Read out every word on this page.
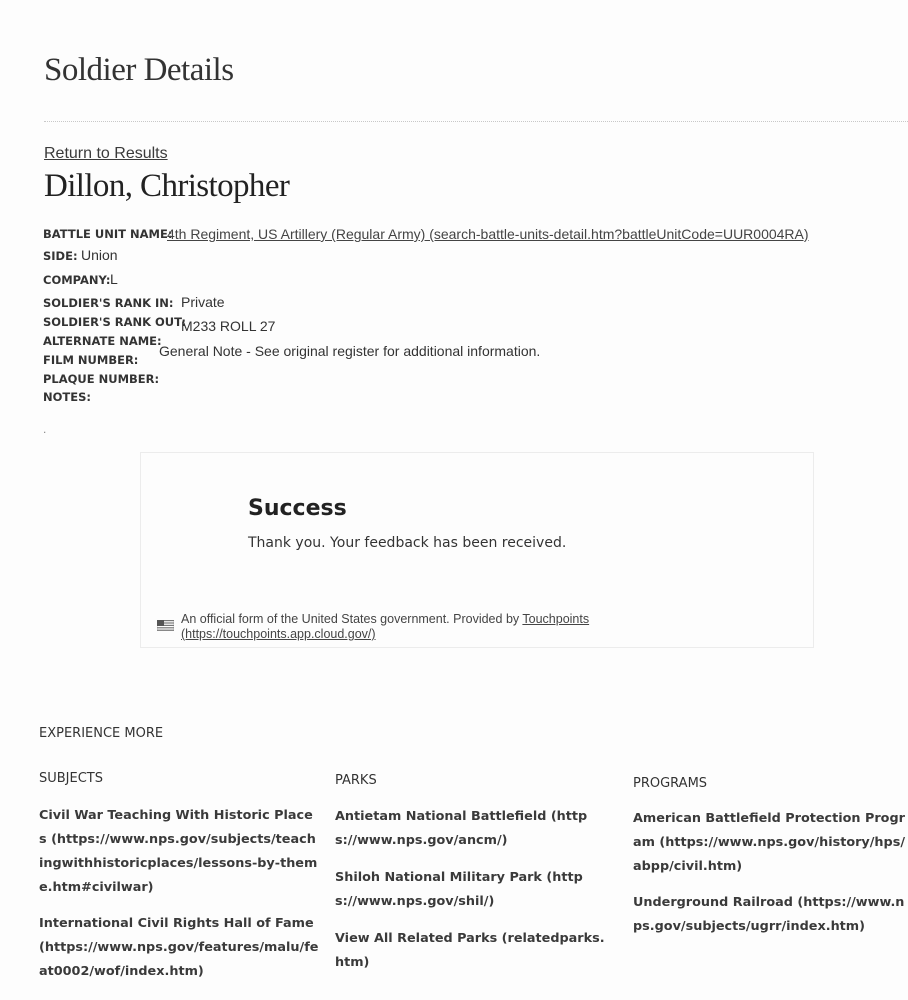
Soldier Details
Return to Results
Dillon, Christopher
BATTLE UNIT NAME:
4th Regiment, US Artillery (Regular Army) (search-battle-units-detail.htm?battleUnitCode=UUR0004RA)
SIDE: Union
COMPANY: L
SOLDIER'S RANK IN: Private
SOLDIER'S RANK OUT:
M233 ROLL 27
ALTERNATE NAME:
General Note - See original register for additional information.
FILM NUMBER:
PLAQUE NUMBER:
NOTES:
.
Success
Thank you. Your feedback has been received.
An official form of the United States government. Provided by Touchpoints (https://touchpoints.app.cloud.gov/)
EXPERIENCE MORE
SUBJECTS
Civil War Teaching With Historic Places (https://www.nps.gov/subjects/teachingwithhistoricplaces/lessons-by-theme.htm#civilwar)
International Civil Rights Hall of Fame (https://www.nps.gov/features/malu/feat0002/wof/index.htm)
PARKS
Antietam National Battlefield (https://www.nps.gov/ancm/)
Shiloh National Military Park (https://www.nps.gov/shil/)
View All Related Parks (relatedparks.htm)
PROGRAMS
American Battlefield Protection Program (https://www.nps.gov/history/hps/abpp/civil.htm)
Underground Railroad (https://www.nps.gov/subjects/ugrr/index.htm)
